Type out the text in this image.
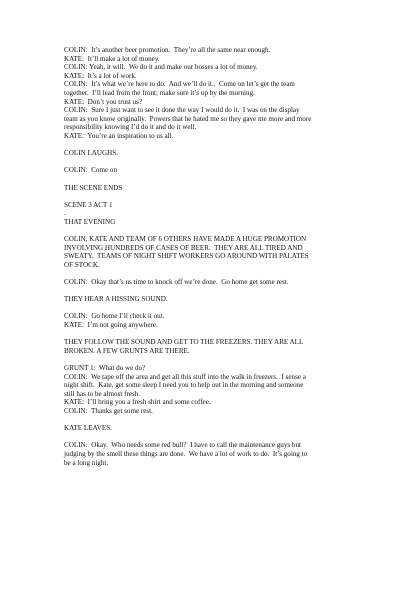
COLIN:  It’s another beer promotion.  They’re all the same near enough.
KATE:  It’ll make a lot of money.
COLIN: Yeah, it will.  We do it and make our bosses a lot of money.
KATE:  It’s a lot of work.
COLIN:  It’s what we’re here to do.  And we’ll do it..  Come on let’s get the team
together.  I’ll lead from the front; make sure it’s up by the morning.
KATE:  Don’t you trust us?
COLIN:  Sure I just want to see it done the way I would do it.  I was on the display
team as you know originally.  Powers that be hated me so they gave me more and more
responsibility knowing I’d do it and do it well.
KATE:  You’re an inspiration to us all.
COLIN LAUGHS.
COLIN:  Come on
THE SCENE ENDS
SCENE 3 ACT 1
.
THAT EVENING
COLIN, KATE AND TEAM OF 6 OTHERS HAVE MADE A HUGE PROMOTION
INVOLVING HUNDREDS OF CASES OF BEER.  THEY ARE ALL TIRED AND
SWEATY.  TEAMS OF NIGHT SHIFT WORKERS GO AROUND WITH PALATES
OF STOCK.
COLIN:  Okay that’s us time to knock off we’re done.  Go home get some rest.
THEY HEAR A HISSING SOUND.
COLIN:  Go home I’ll check it out.
KATE:  I’m not going anywhere.
THEY FOLLOW THE SOUND AND GET TO THE FREEZERS. THEY ARE ALL
BROKEN. A FEW GRUNTS ARE THERE.
GRUNT 1:  What do we do?
COLIN:  We tape off the area and get all this stuff into the walk in freezers.  I sense a
night shift.  Kate, get some sleep I need you to help out in the morning and someone
still has to be almost fresh.
KATE:  I’ll bring you a fresh shirt and some coffee.
COLIN:  Thanks get some rest.
KATE LEAVES.
COLIN:  Okay.  Who needs some red bull?  I have to call the maintenance guys but
judging by the smell these things are done.  We have a lot of work to do.  It’s going to
be a long night.
